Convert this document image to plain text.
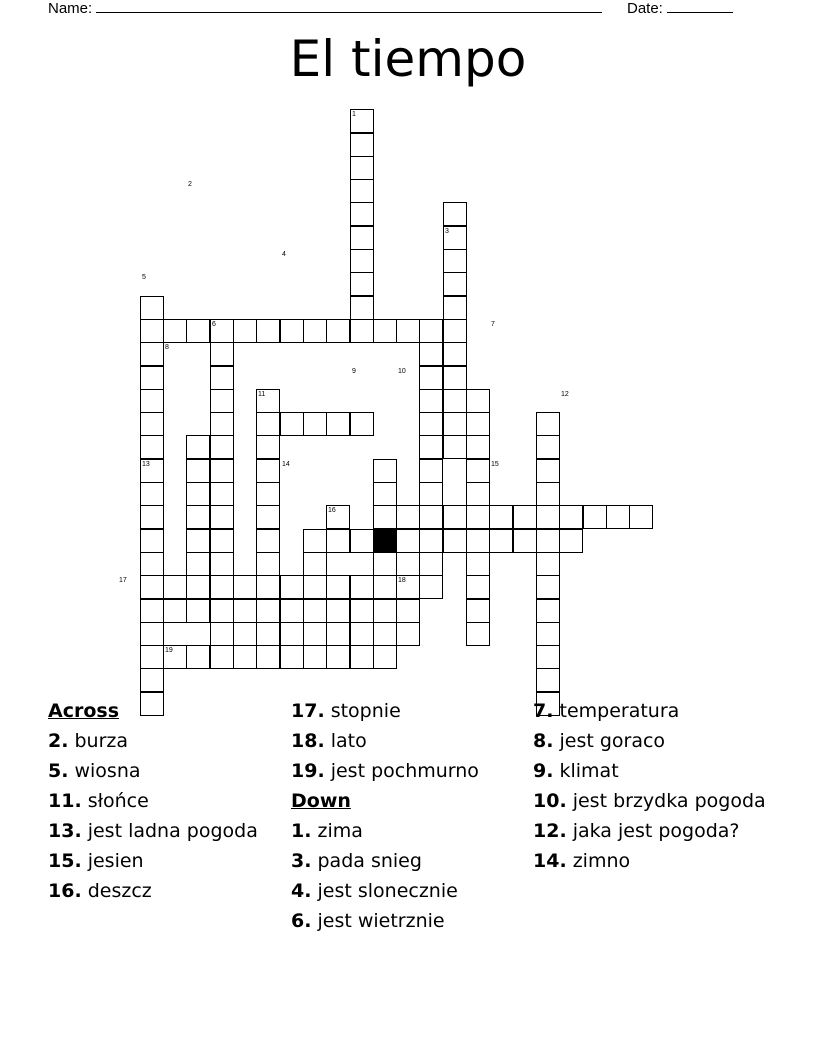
Name:	Date:
El tiempo
1
2
3
4
5
6	7
8
9	10
11	12
13	14	15
16
17	18
19
Across
2. burza
5. wiosna
11. słońce
13. jest ladna pogoda
15. jesien
16. deszcz
17. stopnie
18. lato
19. jest pochmurno
Down
1. zima
3. pada snieg
4. jest slonecznie
6. jest wietrznie
7. temperatura
8. jest goraco
9. klimat
10. jest brzydka pogoda
12. jaka jest pogoda?
14. zimno
